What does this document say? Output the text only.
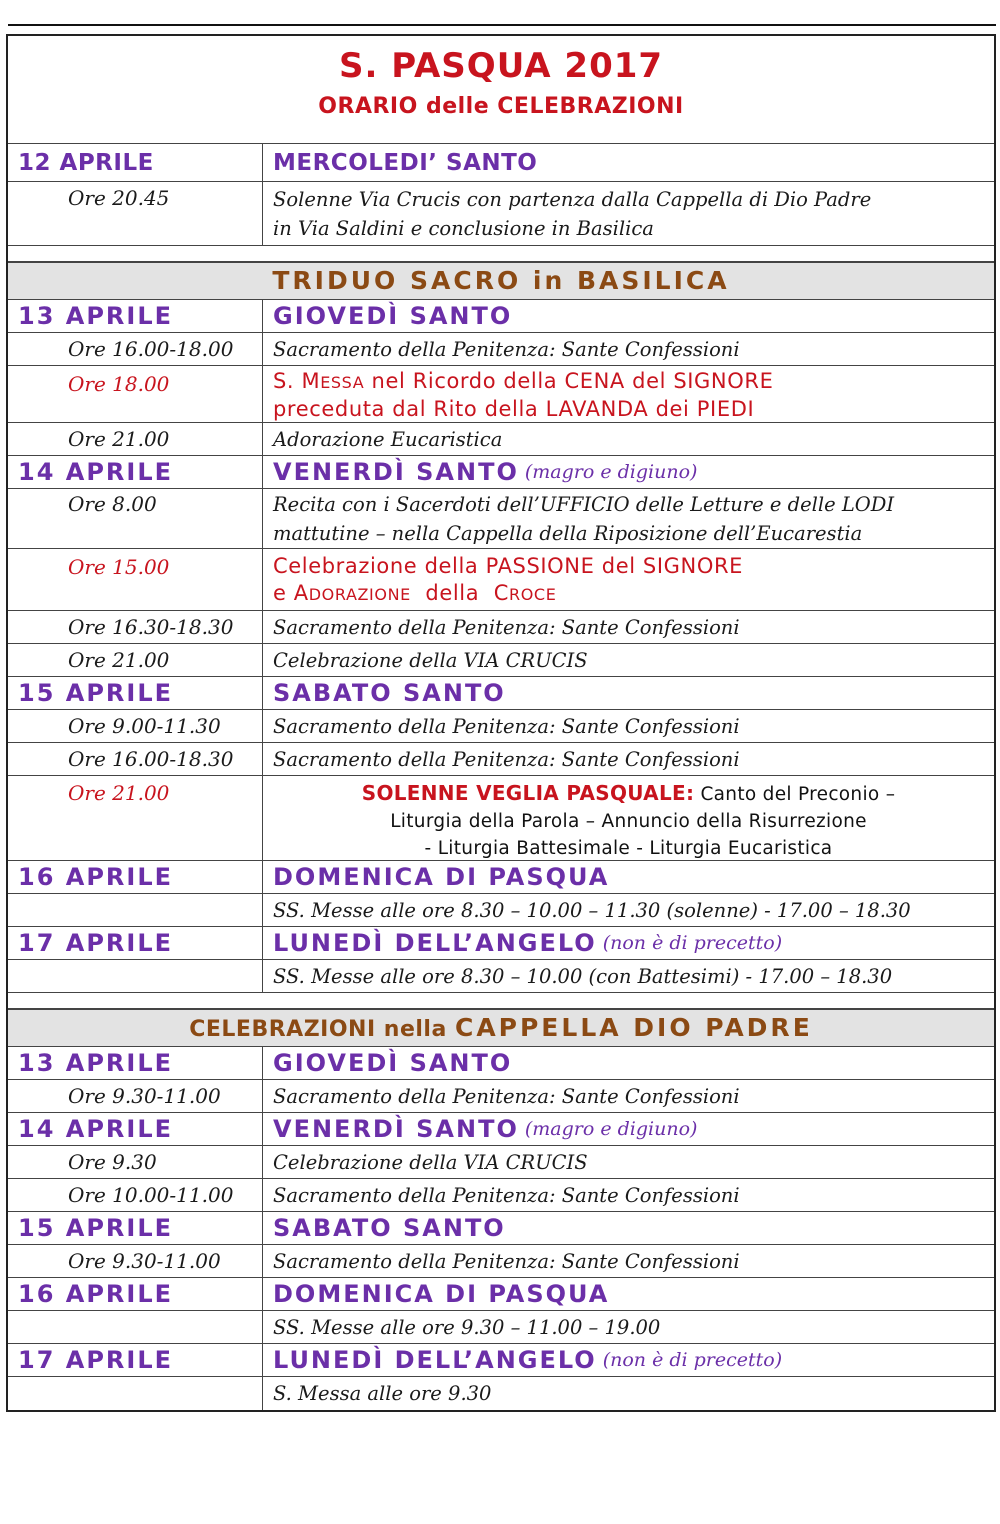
S. PASQUA 2017
ORARIO delle CELEBRAZIONI
12 APRILE	MERCOLEDI’ SANTO
Ore 20.45	Solenne Via Crucis con partenza dalla Cappella di Dio Padre
in Via Saldini e conclusione in Basilica
TRIDUO SACRO in BASILICA
13 APRILE	GIOVEDÌ SANTO
Ore 16.00-18.00 Sacramento della Penitenza: Sante Confessioni
Ore 18.00	S. MESSA nel Ricordo della CENA del SIGNORE
preceduta dal Rito della LAVANDA dei PIEDI
Ore 21.00	Adorazione Eucaristica
14 APRILE	VENERDÌ SANTO (magro e digiuno)
Ore 8.00	Recita con i Sacerdoti dell’UFFICIO delle Letture e delle LODI
mattutine – nella Cappella della Riposizione dell’Eucarestia
Ore 15.00	Celebrazione della PASSIONE del SIGNORE
e ADORAZIONE  della  CROCE
Ore 16.30-18.30 Sacramento della Penitenza: Sante Confessioni
Ore 21.00	Celebrazione della VIA CRUCIS
15 APRILE	SABATO SANTO
Ore 9.00-11.30	Sacramento della Penitenza: Sante Confessioni
Ore 16.00-18.30 Sacramento della Penitenza: Sante Confessioni
Ore 21.00	SOLENNE VEGLIA PASQUALE: Canto del Preconio –
Liturgia della Parola – Annuncio della Risurrezione
- Liturgia Battesimale - Liturgia Eucaristica
16 APRILE	DOMENICA DI PASQUA
SS. Messe alle ore 8.30 – 10.00 – 11.30 (solenne) - 17.00 – 18.30
17 APRILE	LUNEDÌ DELL’ANGELO (non è di precetto)
SS. Messe alle ore 8.30 – 10.00 (con Battesimi) - 17.00 – 18.30
CELEBRAZIONI nella CAPPELLA DIO PADRE
13 APRILE	GIOVEDÌ SANTO
Ore 9.30-11.00	Sacramento della Penitenza: Sante Confessioni
14 APRILE	VENERDÌ SANTO (magro e digiuno)
Ore 9.30	Celebrazione della VIA CRUCIS
Ore 10.00-11.00 Sacramento della Penitenza: Sante Confessioni
15 APRILE	SABATO SANTO
Ore 9.30-11.00	Sacramento della Penitenza: Sante Confessioni
16 APRILE	DOMENICA DI PASQUA
SS. Messe alle ore 9.30 – 11.00 – 19.00
17 APRILE	LUNEDÌ DELL’ANGELO (non è di precetto)
S. Messa alle ore 9.30
